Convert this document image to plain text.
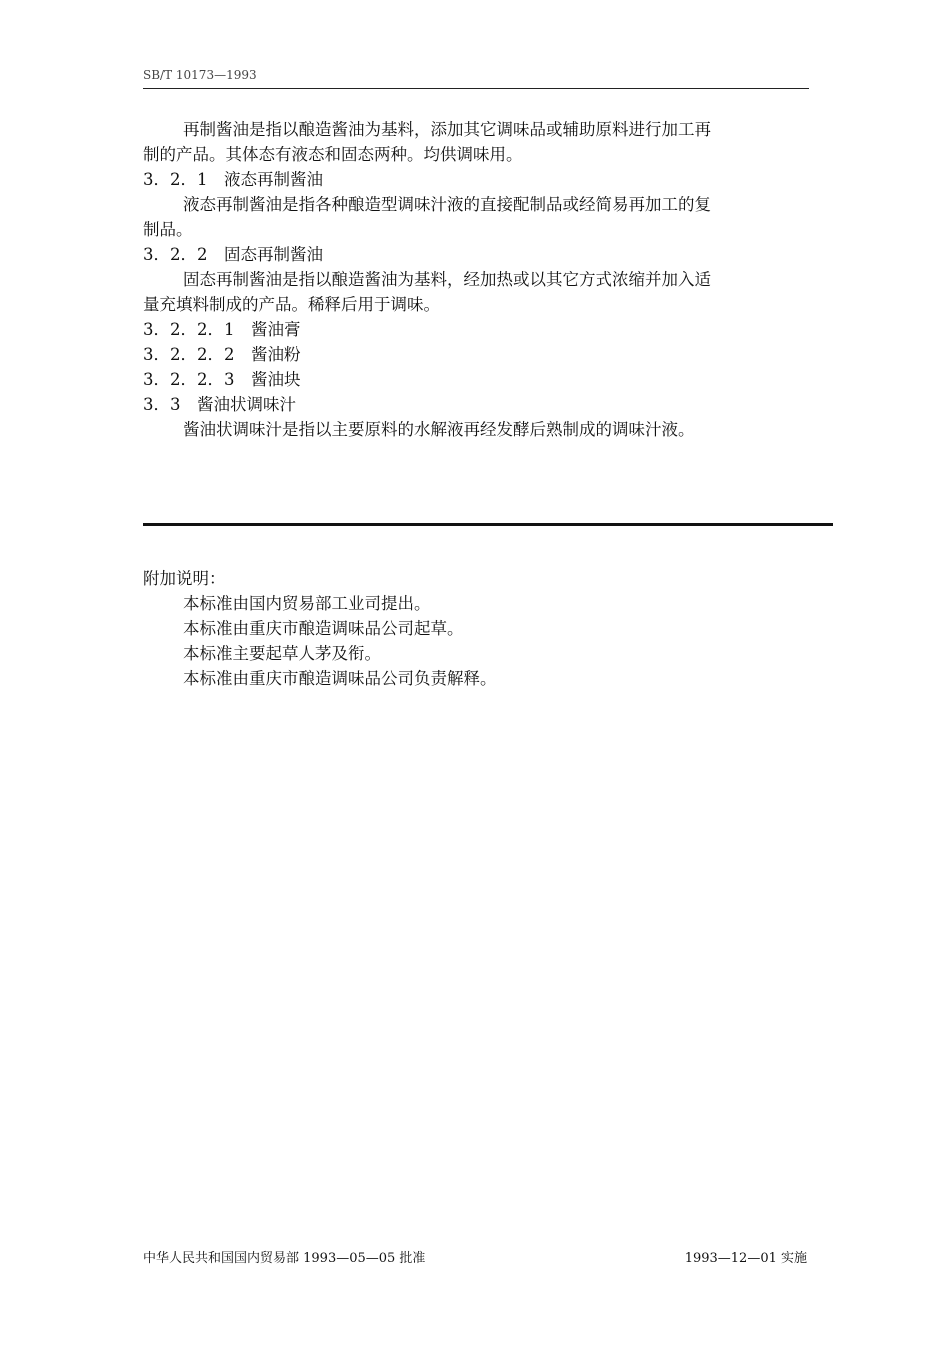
SB/T 10173—1993
再制酱油是指以酿造酱油为基料，添加其它调味品或辅助原料进行加工再
制的产品。其体态有液态和固态两种。均供调味用。
3．2．1　液态再制酱油
液态再制酱油是指各种酿造型调味汁液的直接配制品或经简易再加工的复
制品。
3．2．2　固态再制酱油
固态再制酱油是指以酿造酱油为基料，经加热或以其它方式浓缩并加入适
量充填料制成的产品。稀释后用于调味。
3．2．2．1　酱油膏
3．2．2．2　酱油粉
3．2．2．3　酱油块
3．3　酱油状调味汁
酱油状调味汁是指以主要原料的水解液再经发酵后熟制成的调味汁液。
附加说明：
本标准由国内贸易部工业司提出。
本标准由重庆市酿造调味品公司起草。
本标准主要起草人茅及衔。
本标准由重庆市酿造调味品公司负责解释。
中华人民共和国国内贸易部 1993—05—05 批准	1993—12—01 实施
